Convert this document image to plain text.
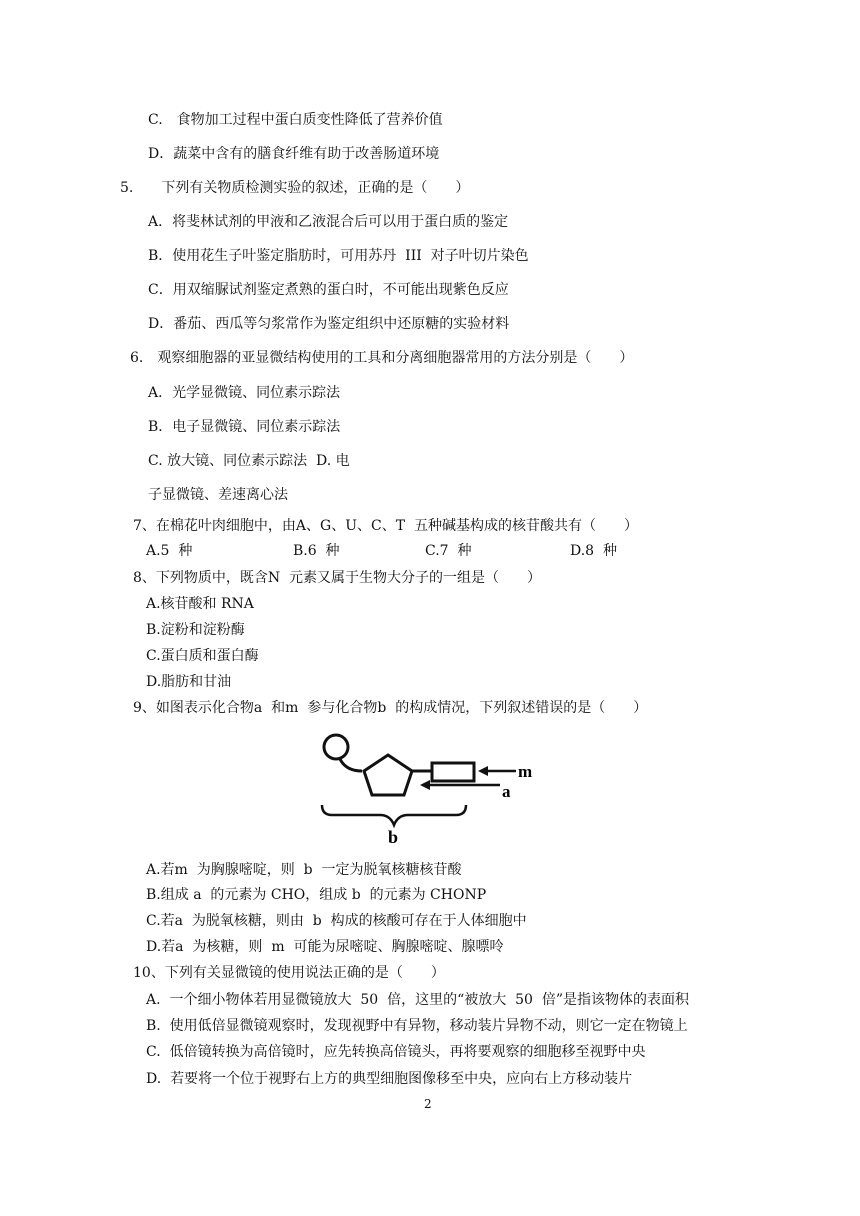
C.　食物加工过程中蛋白质变性降低了营养价值
D．蔬菜中含有的膳食纤维有助于改善肠道环境
5.　　下列有关物质检测实验的叙述，正确的是（　　）
A．将斐林试剂的甲液和乙液混合后可以用于蛋白质的鉴定
B．使用花生子叶鉴定脂肪时，可用苏丹  III  对子叶切片染色
C．用双缩脲试剂鉴定煮熟的蛋白时，不可能出现紫色反应
D．番茄、西瓜等匀浆常作为鉴定组织中还原糖的实验材料
6.　观察细胞器的亚显微结构使用的工具和分离细胞器常用的方法分别是（　　）
A．光学显微镜、同位素示踪法
B．电子显微镜、同位素示踪法
C. 放大镜、同位素示踪法  D. 电
子显微镜、差速离心法
7、在棉花叶肉细胞中，由A、G、U、C、T  五种碱基构成的核苷酸共有（　　）
A.5  种	B.6  种	C.7  种	D.8  种
8、下列物质中，既含N  元素又属于生物大分子的一组是（　　）
A.核苷酸和 RNA
B.淀粉和淀粉酶
C.蛋白质和蛋白酶
D.脂肪和甘油
9、如图表示化合物a  和m  参与化合物b  的构成情况，下列叙述错误的是（　　）
m
a
b
A.若m  为胸腺嘧啶，则  b  一定为脱氧核糖核苷酸
B.组成 a  的元素为 CHO，组成 b  的元素为 CHONP
C.若a  为脱氧核糖，则由  b  构成的核酸可存在于人体细胞中
D.若a  为核糖，则  m  可能为尿嘧啶、胸腺嘧啶、腺嘌呤
10、下列有关显微镜的使用说法正确的是（　　）
A.  一个细小物体若用显微镜放大  50  倍，这里的“被放大  50  倍”是指该物体的表面积
B.  使用低倍显微镜观察时，发现视野中有异物，移动装片异物不动，则它一定在物镜上
C.  低倍镜转换为高倍镜时，应先转换高倍镜头，再将要观察的细胞移至视野中央
D.  若要将一个位于视野右上方的典型细胞图像移至中央，应向右上方移动装片
2
